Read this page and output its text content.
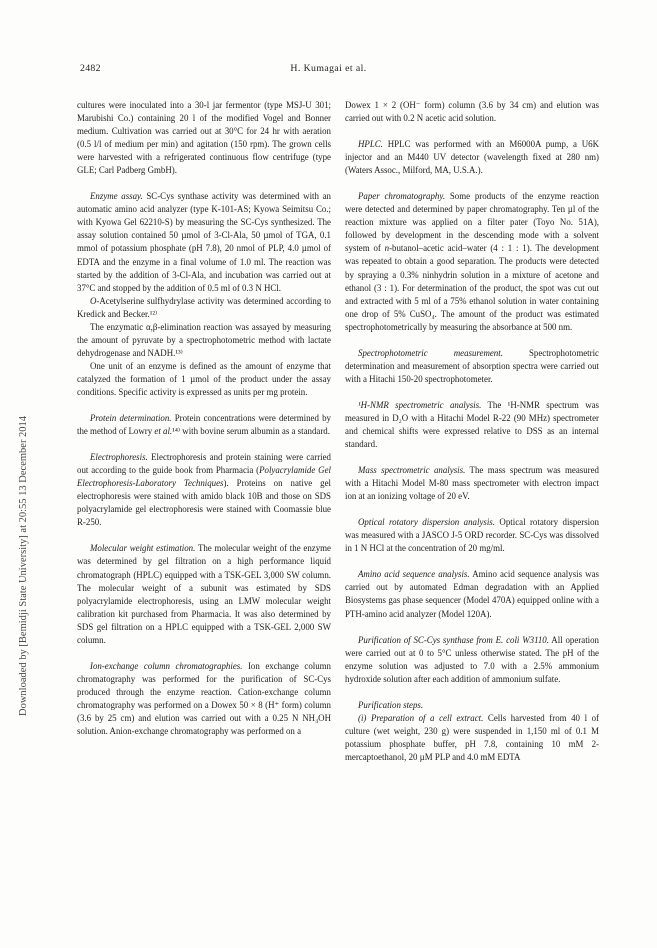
2482	H. Kumagai et al.
Downloaded by [Bemidji State University] at 20:55 13 December 2014

cultures were inoculated into a 30-l jar fermentor (type MSJ-U 301; Marubishi Co.) containing 20 l of the modified Vogel and Bonner medium. Cultivation was carried out at 30°C for 24 hr with aeration (0.5 l/l of medium per min) and agitation (150 rpm). The grown cells were harvested with a refrigerated continuous flow centrifuge (type GLE; Carl Padberg GmbH).

Enzyme assay. SC-Cys synthase activity was determined with an automatic amino acid analyzer (type K-101-AS; Kyowa Seimitsu Co.; with Kyowa Gel 62210-S) by measuring the SC-Cys synthesized. The assay solution contained 50 µmol of 3-Cl-Ala, 50 µmol of TGA, 0.1 mmol of potassium phosphate (pH 7.8), 20 nmol of PLP, 4.0 µmol of EDTA and the enzyme in a final volume of 1.0 ml. The reaction was started by the addition of 3-Cl-Ala, and incubation was carried out at 37°C and stopped by the addition of 0.5 ml of 0.3 N HCl.

O-Acetylserine sulfhydrylase activity was determined according to Kredick and Becker.¹²⁾

The enzymatic α,β-elimination reaction was assayed by measuring the amount of pyruvate by a spectrophotometric method with lactate dehydrogenase and NADH.¹³⁾

One unit of an enzyme is defined as the amount of enzyme that catalyzed the formation of 1 µmol of the product under the assay conditions. Specific activity is expressed as units per mg protein.

Protein determination. Protein concentrations were determined by the method of Lowry et al.¹⁴⁾ with bovine serum albumin as a standard.

Electrophoresis. Electrophoresis and protein staining were carried out according to the guide book from Pharmacia (Polyacrylamide Gel Electrophoresis-Laboratory Techniques). Proteins on native gel electrophoresis were stained with amido black 10B and those on SDS polyacrylamide gel electrophoresis were stained with Coomassie blue R-250.

Molecular weight estimation. The molecular weight of the enzyme was determined by gel filtration on a high performance liquid chromatograph (HPLC) equipped with a TSK-GEL 3,000 SW column. The molecular weight of a subunit was estimated by SDS polyacrylamide electrophoresis, using an LMW molecular weight calibration kit purchased from Pharmacia. It was also determined by SDS gel filtration on a HPLC equipped with a TSK-GEL 2,000 SW column.

Ion-exchange column chromatographies. Ion exchange column chromatography was performed for the purification of SC-Cys produced through the enzyme reaction. Cation-exchange column chromatography was performed on a Dowex 50 × 8 (H⁺ form) column (3.6 by 25 cm) and elution was carried out with a 0.25 N NH₄OH solution. Anion-exchange chromatography was performed on a

Dowex 1 × 2 (OH⁻ form) column (3.6 by 34 cm) and elution was carried out with 0.2 N acetic acid solution.

HPLC. HPLC was performed with an M6000A pump, a U6K injector and an M440 UV detector (wavelength fixed at 280 nm) (Waters Assoc., Milford, MA, U.S.A.).

Paper chromatography. Some products of the enzyme reaction were detected and determined by paper chromatography. Ten µl of the reaction mixture was applied on a filter pater (Toyo No. 51A), followed by development in the descending mode with a solvent system of n-butanol–acetic acid–water (4 : 1 : 1). The development was repeated to obtain a good separation. The products were detected by spraying a 0.3% ninhydrin solution in a mixture of acetone and ethanol (3 : 1). For determination of the product, the spot was cut out and extracted with 5 ml of a 75% ethanol solution in water containing one drop of 5% CuSO₄. The amount of the product was estimated spectrophotometrically by measuring the absorbance at 500 nm.

Spectrophotometric measurement. Spectrophotometric determination and measurement of absorption spectra were carried out with a Hitachi 150-20 spectrophotometer.

¹H-NMR spectrometric analysis. The ¹H-NMR spectrum was measured in D₂O with a Hitachi Model R-22 (90 MHz) spectrometer and chemical shifts were expressed relative to DSS as an internal standard.

Mass spectrometric analysis. The mass spectrum was measured with a Hitachi Model M-80 mass spectrometer with electron impact ion at an ionizing voltage of 20 eV.

Optical rotatory dispersion analysis. Optical rotatory dispersion was measured with a JASCO J-5 ORD recorder. SC-Cys was dissolved in 1 N HCl at the concentration of 20 mg/ml.

Amino acid sequence analysis. Amino acid sequence analysis was carried out by automated Edman degradation with an Applied Biosystems gas phase sequencer (Model 470A) equipped online with a PTH-amino acid analyzer (Model 120A).

Purification of SC-Cys synthase from E. coli W3110. All operation were carried out at 0 to 5°C unless otherwise stated. The pH of the enzyme solution was adjusted to 7.0 with a 2.5% ammonium hydroxide solution after each addition of ammonium sulfate.

Purification steps.

(i) Preparation of a cell extract. Cells harvested from 40 l of culture (wet weight, 230 g) were suspended in 1,150 ml of 0.1 M potassium phosphate buffer, pH 7.8, containing 10 mM 2-mercaptoethanol, 20 µM PLP and 4.0 mM EDTA
